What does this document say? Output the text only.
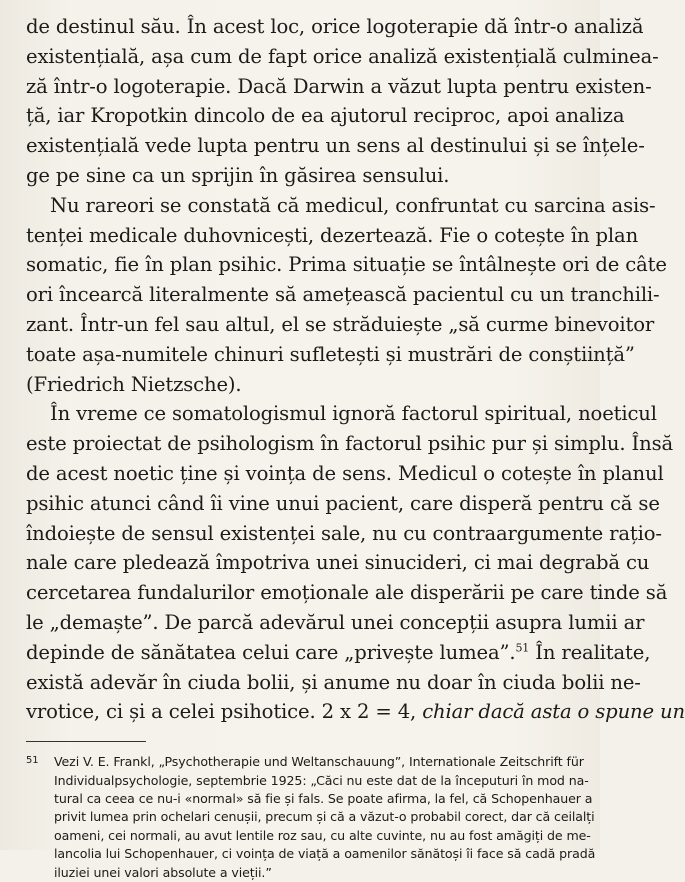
de destinul său. În acest loc, orice logoterapie dă într-o analiză
existențială, așa cum de fapt orice analiză existențială culminea-
ză într-o logoterapie. Dacă Darwin a văzut lupta pentru existen-
ță, iar Kropotkin dincolo de ea ajutorul reciproc, apoi analiza
existențială vede lupta pentru un sens al destinului și se înțele-
ge pe sine ca un sprijin în găsirea sensului.
Nu rareori se constată că medicul, confruntat cu sarcina asis-
tenței medicale duhovnicești, dezertează. Fie o cotește în plan
somatic, fie în plan psihic. Prima situație se întâlnește ori de câte
ori încearcă literalmente să amețească pacientul cu un tranchili-
zant. Într-un fel sau altul, el se străduiește „să curme binevoitor
toate așa-numitele chinuri sufletești și mustrări de conștiință”
(Friedrich Nietzsche).
În vreme ce somatologismul ignoră factorul spiritual, noeticul
este proiectat de psihologism în factorul psihic pur și simplu. Însă
de acest noetic ține și voința de sens. Medicul o cotește în planul
psihic atunci când îi vine unui pacient, care disperă pentru că se
îndoiește de sensul existenței sale, nu cu contraargumente rațio-
nale care pledează împotriva unei sinucideri, ci mai degrabă cu
cercetarea fundalurilor emoționale ale disperării pe care tinde să
le „demaște”. De parcă adevărul unei concepții asupra lumii ar
depinde de sănătatea celui care „privește lumea”.$^{51}$ În realitate,
există adevăr în ciuda bolii, și anume nu doar în ciuda bolii ne-
vrotice, ci și a celei psihotice. 2 x 2 = 4, chiar dacă asta o spune un
51 Vezi V. E. Frankl, „Psychotherapie und Weltanschauung”, Internationale Zeitschrift für
Individualpsychologie, septembrie 1925: „Căci nu este dat de la începuturi în mod na-
tural ca ceea ce nu-i «normal» să fie și fals. Se poate afirma, la fel, că Schopenhauer a
privit lumea prin ochelari cenușii, precum și că a văzut-o probabil corect, dar că ceilalți
oameni, cei normali, au avut lentile roz sau, cu alte cuvinte, nu au fost amăgiți de me-
lancolia lui Schopenhauer, ci voința de viață a oamenilor sănătoși îi face să cadă pradă
iluziei unei valori absolute a vieții.”
